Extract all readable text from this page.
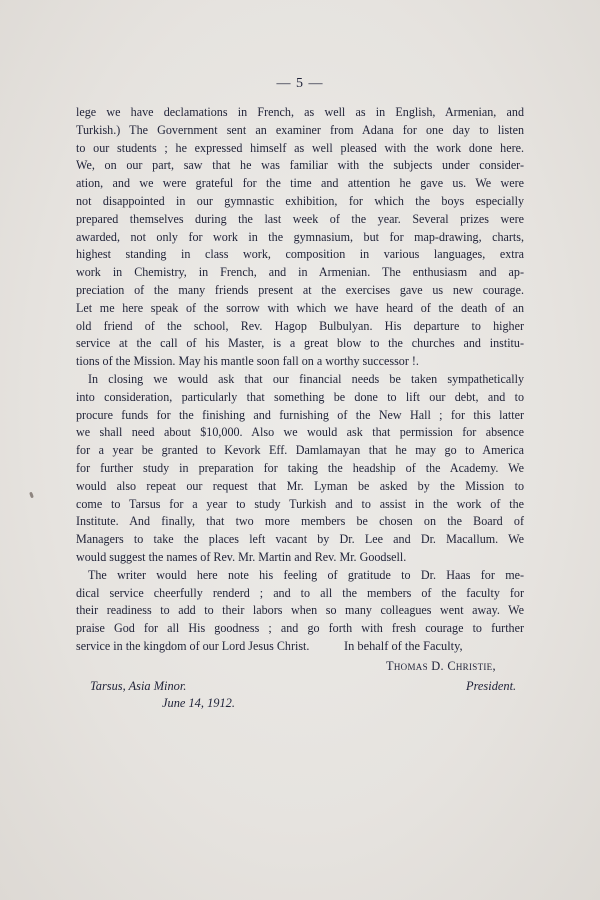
— 5 —
lege we have declamations in French, as well as in English, Armenian, and
Turkish.) The Government sent an examiner from Adana for one day to listen
to our students ; he expressed himself as well pleased with the work done here.
We, on our part, saw that he was familiar with the subjects under consider-
ation, and we were grateful for the time and attention he gave us. We were
not disappointed in our gymnastic exhibition, for which the boys especially
prepared themselves during the last week of the year. Several prizes were
awarded, not only for work in the gymnasium, but for map-drawing, charts,
highest standing in class work, composition in various languages, extra
work in Chemistry, in French, and in Armenian. The enthusiasm and ap-
preciation of the many friends present at the exercises gave us new courage.
Let me here speak of the sorrow with which we have heard of the death of an
old friend of the school, Rev. Hagop Bulbulyan. His departure to higher
service at the call of his Master, is a great blow to the churches and institu-
tions of the Mission. May his mantle soon fall on a worthy successor !.
In closing we would ask that our financial needs be taken sympathetically
into consideration, particularly that something be done to lift our debt, and to
procure funds for the finishing and furnishing of the New Hall ; for this latter
we shall need about $10,000. Also we would ask that permission for absence
for a year be granted to Kevork Eff. Damlamayan that he may go to America
for further study in preparation for taking the headship of the Academy. We
would also repeat our request that Mr. Lyman be asked by the Mission to
come to Tarsus for a year to study Turkish and to assist in the work of the
Institute. And finally, that two more members be chosen on the Board of
Managers to take the places left vacant by Dr. Lee and Dr. Macallum. We
would suggest the names of Rev. Mr. Martin and Rev. Mr. Goodsell.
The writer would here note his feeling of gratitude to Dr. Haas for me-
dical service cheerfully renderd ; and to all the members of the faculty for
their readiness to add to their labors when so many colleagues went away. We
praise God for all His goodness ; and go forth with fresh courage to further
service in the kingdom of our Lord Jesus Christ.	In behalf of the Faculty,
Thomas D. Christie,
President.
Tarsus, Asia Minor.
June 14, 1912.
